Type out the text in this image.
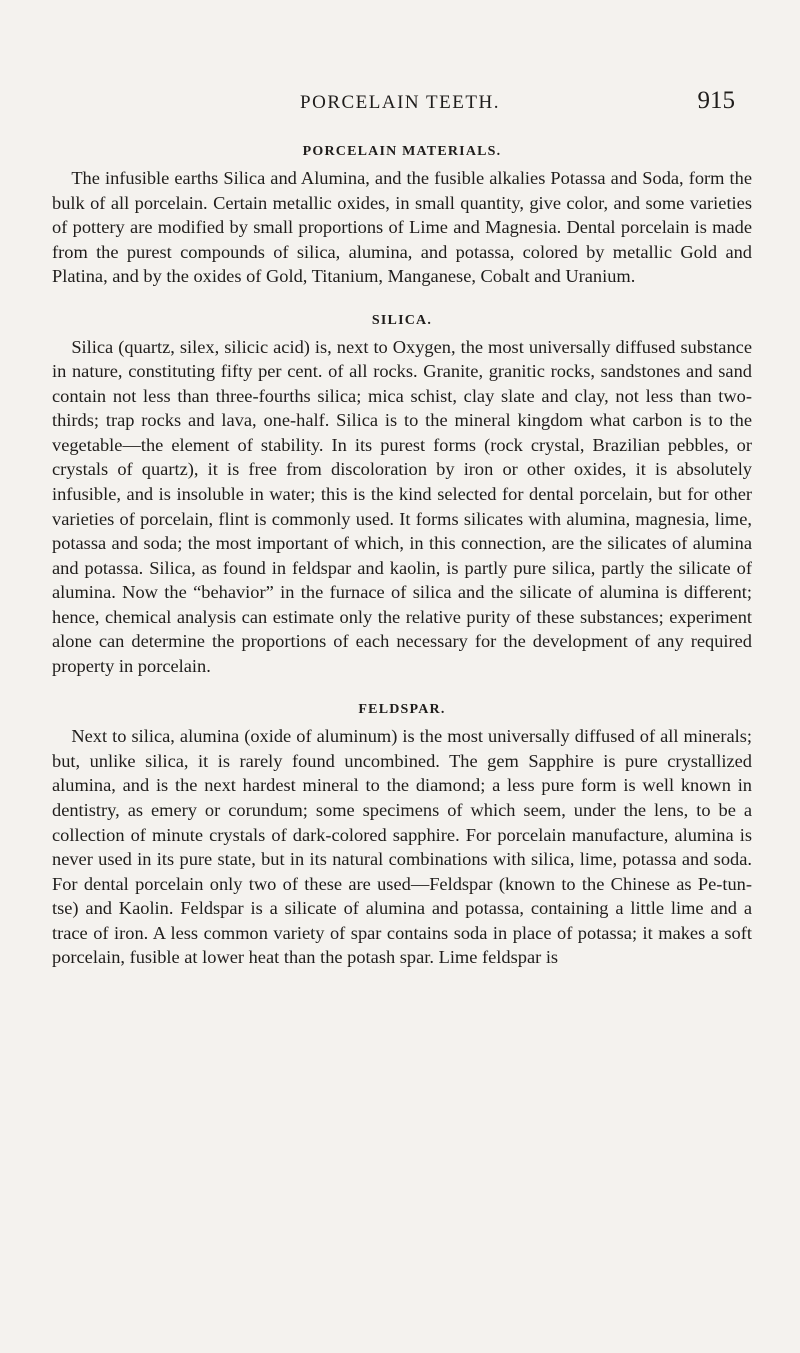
PORCELAIN TEETH.	915
PORCELAIN MATERIALS.

The infusible earths Silica and Alumina, and the fusible alkalies Potassa and Soda, form the bulk of all porcelain. Certain metallic oxides, in small quantity, give color, and some varieties of pottery are modified by small proportions of Lime and Magnesia. Dental porcelain is made from the purest compounds of silica, alumina, and potassa, colored by metallic Gold and Platina, and by the oxides of Gold, Titanium, Manganese, Cobalt and Uranium.

SILICA.

Silica (quartz, silex, silicic acid) is, next to Oxygen, the most universally diffused substance in nature, constituting fifty per cent. of all rocks. Granite, granitic rocks, sandstones and sand contain not less than three-fourths silica; mica schist, clay slate and clay, not less than two-thirds; trap rocks and lava, one-half. Silica is to the mineral kingdom what carbon is to the vegetable—the element of stability. In its purest forms (rock crystal, Brazilian pebbles, or crystals of quartz), it is free from discoloration by iron or other oxides, it is absolutely infusible, and is insoluble in water; this is the kind selected for dental porcelain, but for other varieties of porcelain, flint is commonly used. It forms silicates with alumina, magnesia, lime, potassa and soda; the most important of which, in this connection, are the silicates of alumina and potassa. Silica, as found in feldspar and kaolin, is partly pure silica, partly the silicate of alumina. Now the “behavior” in the furnace of silica and the silicate of alumina is different; hence, chemical analysis can estimate only the relative purity of these substances; experiment alone can determine the proportions of each necessary for the development of any required property in porcelain.

FELDSPAR.

Next to silica, alumina (oxide of aluminum) is the most universally diffused of all minerals; but, unlike silica, it is rarely found uncombined. The gem Sapphire is pure crystallized alumina, and is the next hardest mineral to the diamond; a less pure form is well known in dentistry, as emery or corundum; some specimens of which seem, under the lens, to be a collection of minute crystals of dark-colored sapphire. For porcelain manufacture, alumina is never used in its pure state, but in its natural combinations with silica, lime, potassa and soda. For dental porcelain only two of these are used—Feldspar (known to the Chinese as Pe-tun-tse) and Kaolin. Feldspar is a silicate of alumina and potassa, containing a little lime and a trace of iron. A less common variety of spar contains soda in place of potassa; it makes a soft porcelain, fusible at lower heat than the potash spar. Lime feldspar is
